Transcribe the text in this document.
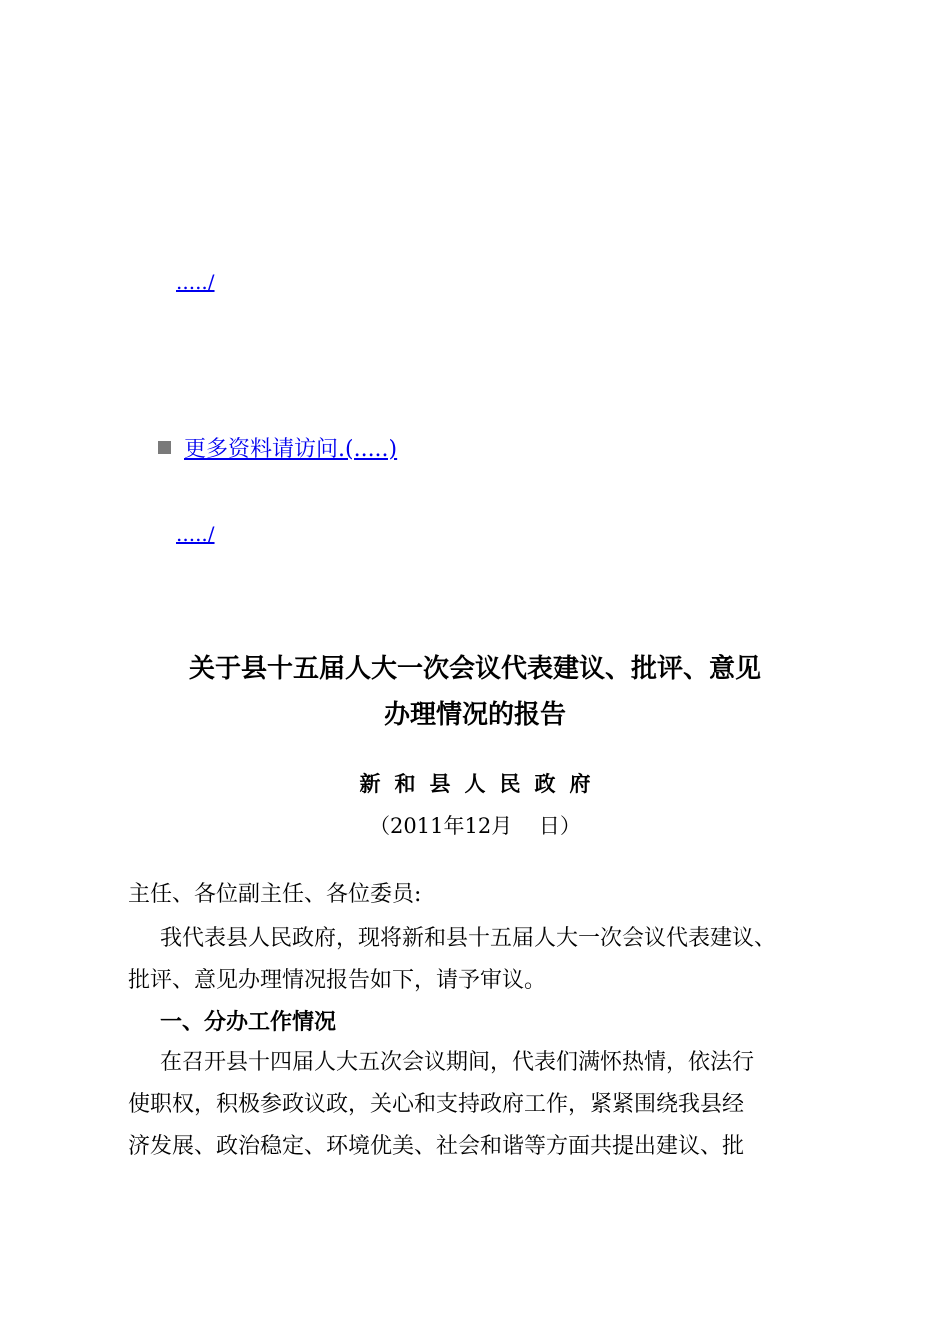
...../
更多资料请访问.(.....)
...../
关于县十五届人大一次会议代表建议、批评、意见
办理情况的报告
新和县人民政府
（2011年12月    日）
主任、各位副主任、各位委员:
我代表县人民政府，现将新和县十五届人大一次会议代表建议、
批评、意见办理情况报告如下，请予审议。
一、分办工作情况
在召开县十四届人大五次会议期间，代表们满怀热情，依法行
使职权，积极参政议政，关心和支持政府工作，紧紧围绕我县经
济发展、政治稳定、环境优美、社会和谐等方面共提出建议、批
